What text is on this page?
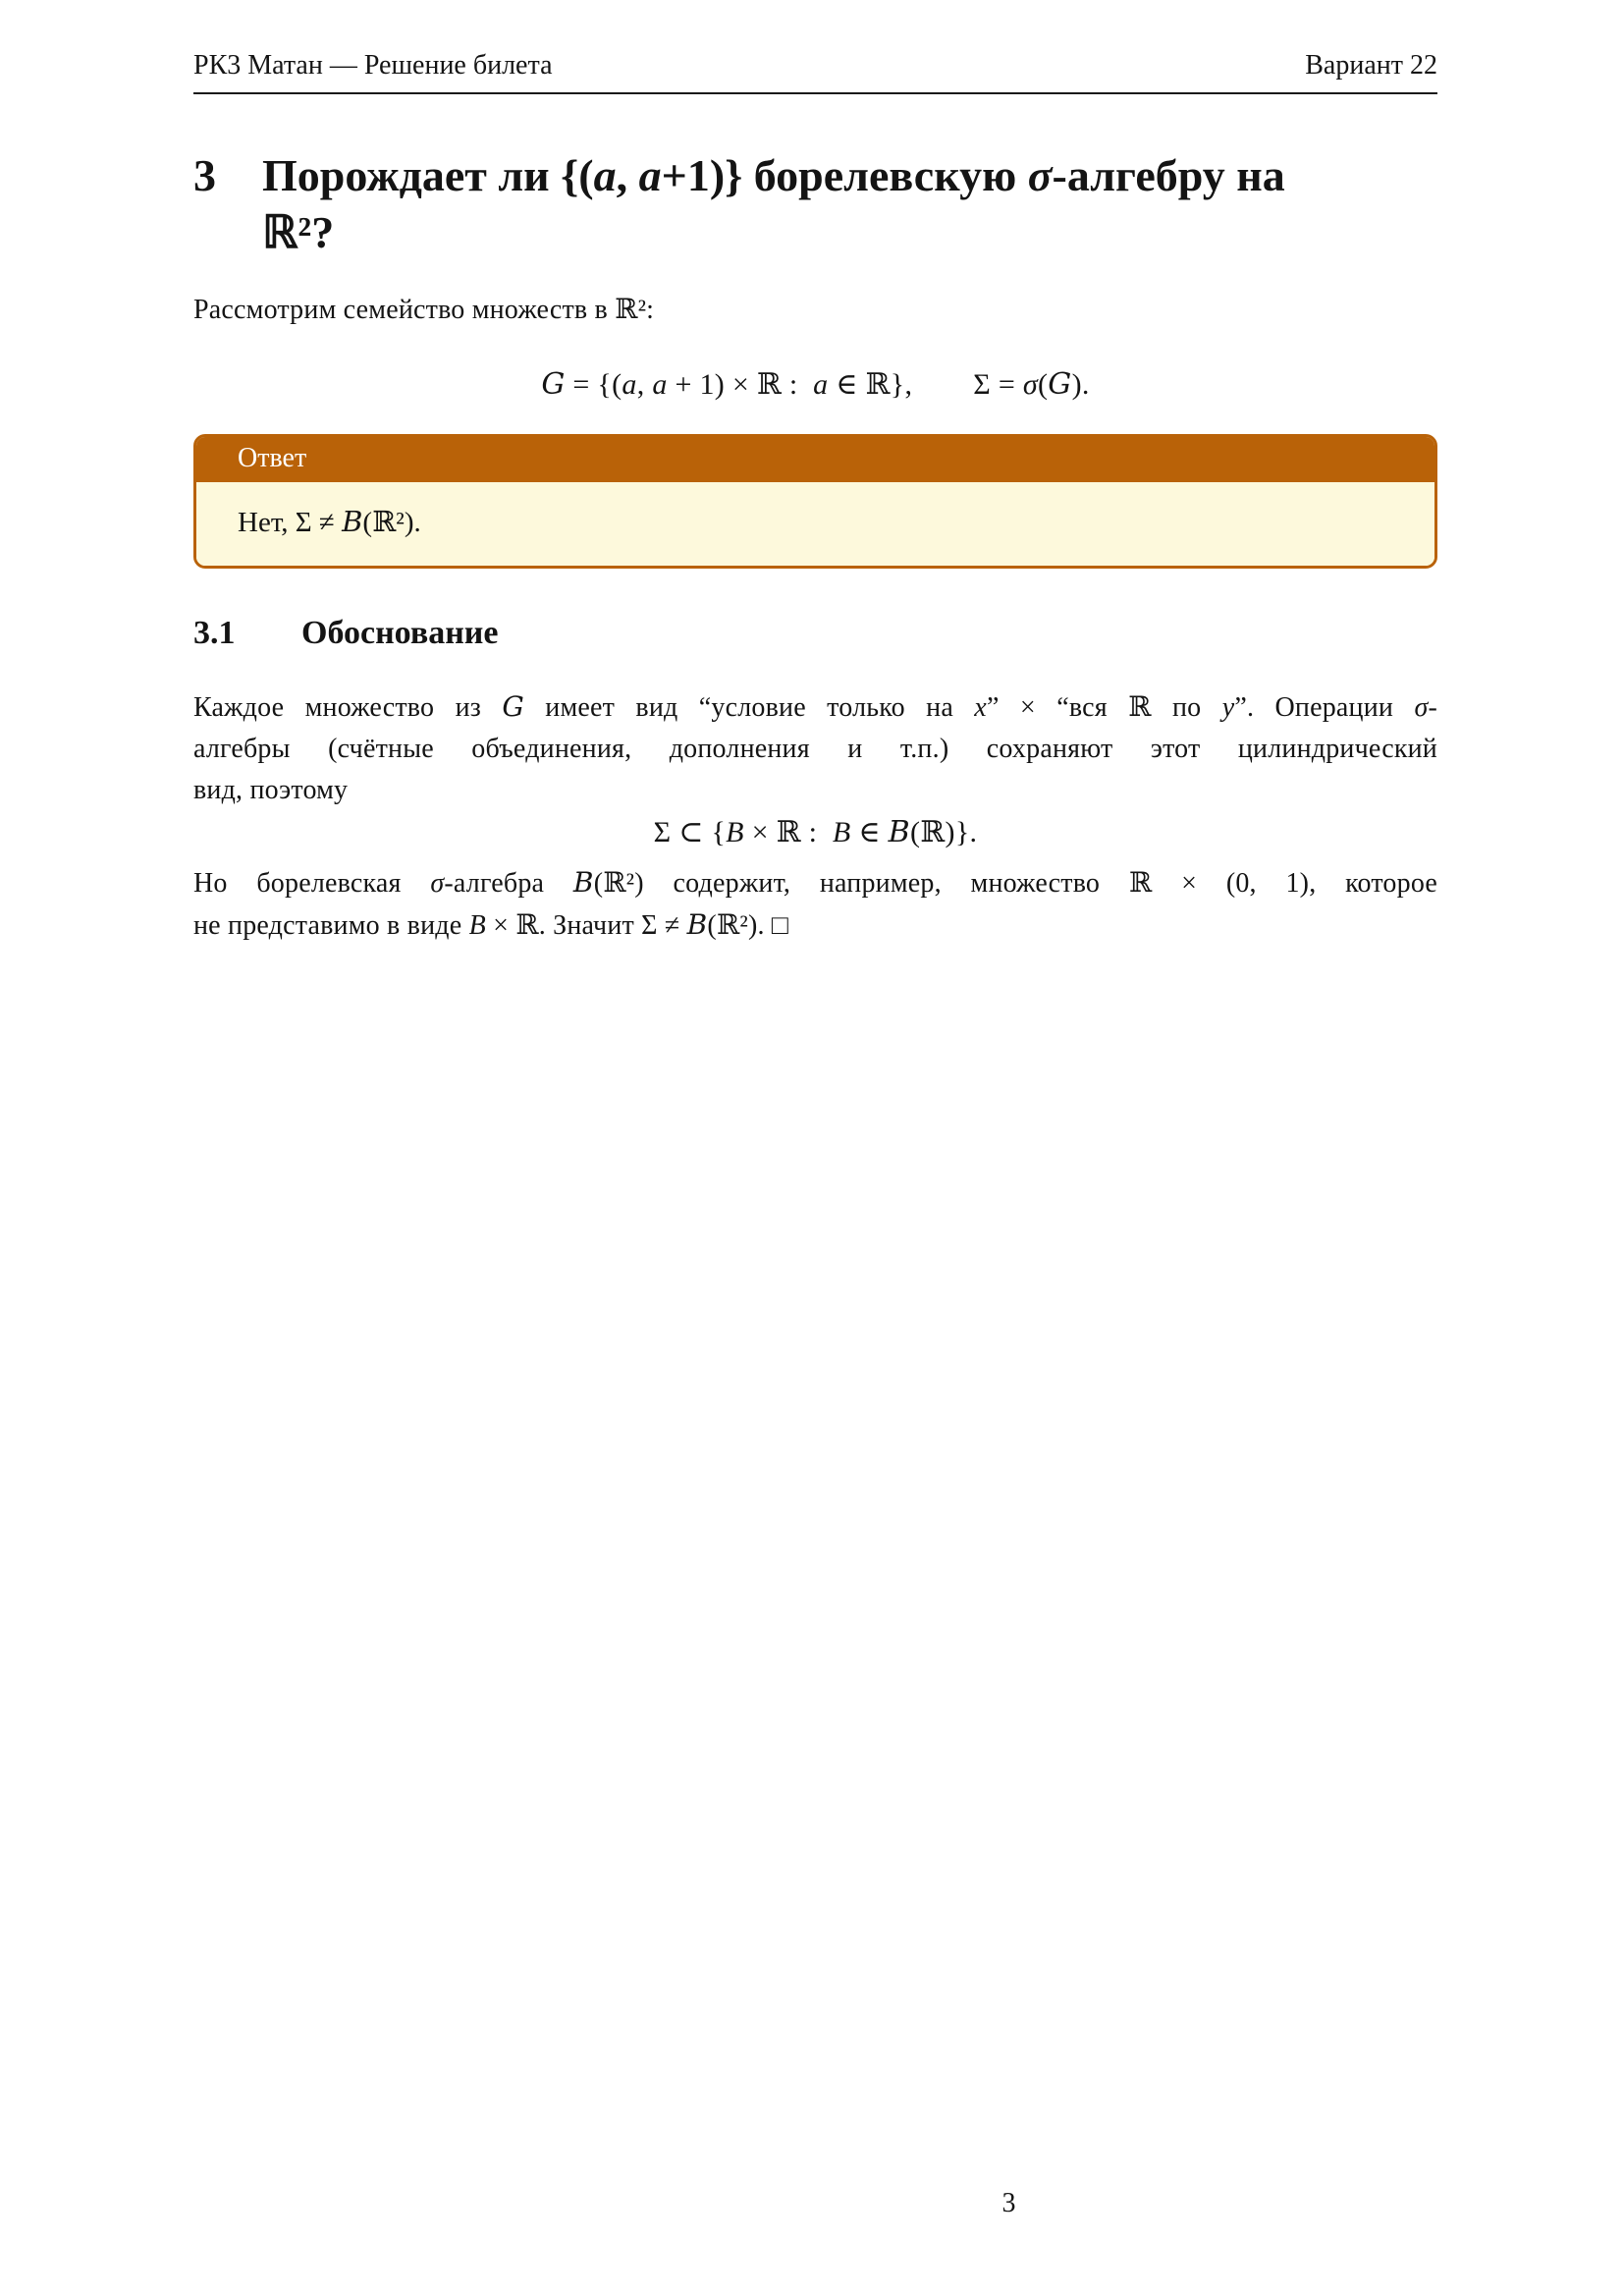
РК3 Матан — Решение билета	Вариант 22
3	Порождает ли {(a, a+1)} борелевскую σ-алгебру на
ℝ²?
Рассмотрим семейство множеств в ℝ²:
G = {(a, a + 1) × ℝ :  a ∈ ℝ}, Σ = σ(G).
Ответ
Нет, Σ ≠ B(ℝ²).
3.1	Обоснование
Каждое множество из G имеет вид “условие только на x” × “вся ℝ по y”. Операции σ-
алгебры (счётные объединения, дополнения и т.п.) сохраняют этот цилиндрический
вид, поэтому
Σ ⊂ {B × ℝ :  B ∈ B(ℝ)}.
Но борелевская σ-алгебра B(ℝ²) содержит, например, множество ℝ × (0, 1), которое
не представимо в виде B × ℝ. Значит Σ ≠ B(ℝ²). □
3
